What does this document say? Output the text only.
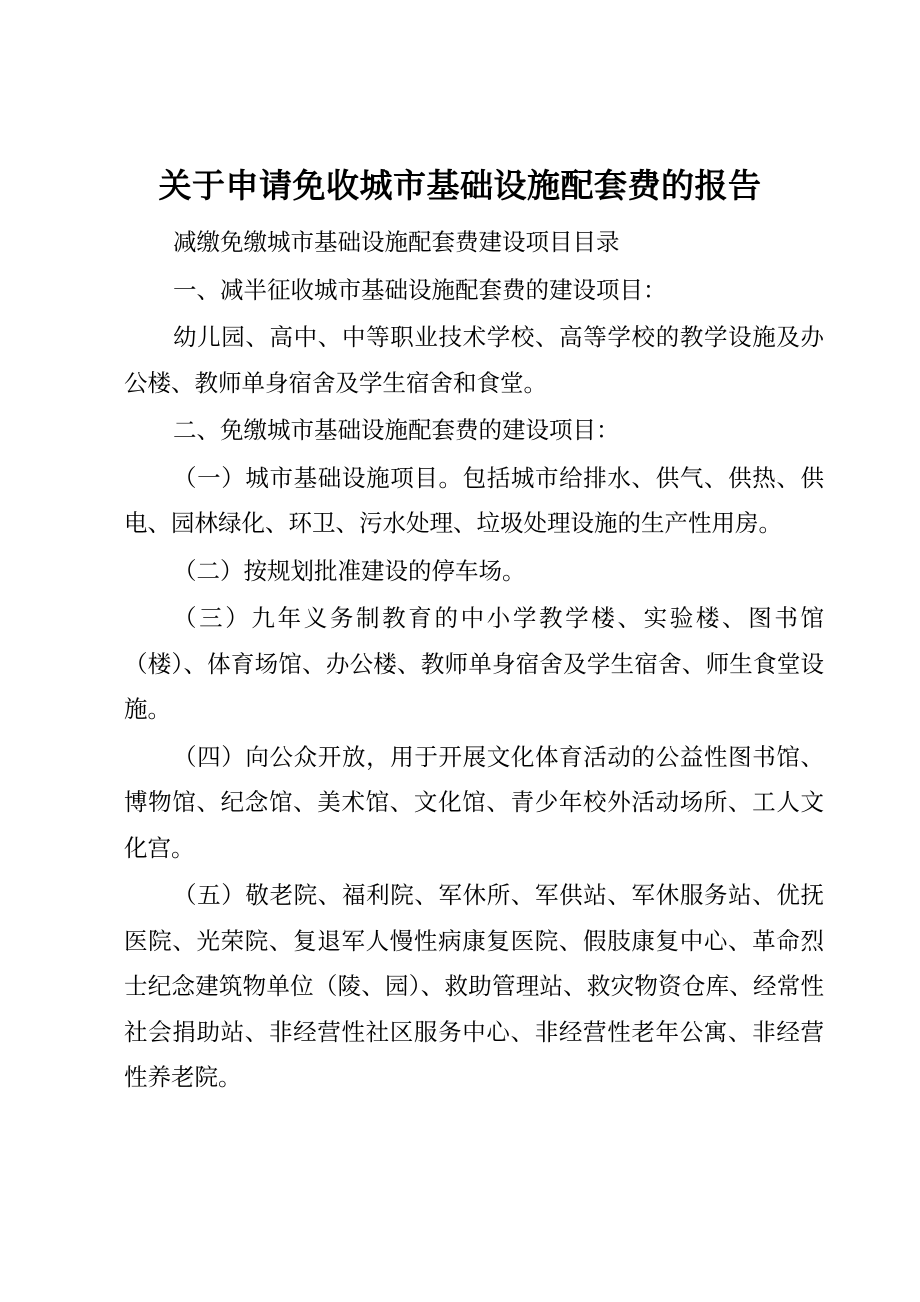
关于申请免收城市基础设施配套费的报告

减缴免缴城市基础设施配套费建设项目目录

一、减半征收城市基础设施配套费的建设项目：

幼儿园、高中、中等职业技术学校、高等学校的教学设施及办公楼、教师单身宿舍及学生宿舍和食堂。

二、免缴城市基础设施配套费的建设项目：

（一）城市基础设施项目。包括城市给排水、供气、供热、供电、园林绿化、环卫、污水处理、垃圾处理设施的生产性用房。

（二）按规划批准建设的停车场。

（三）九年义务制教育的中小学教学楼、实验楼、图书馆（楼）、体育场馆、办公楼、教师单身宿舍及学生宿舍、师生食堂设施。

（四）向公众开放，用于开展文化体育活动的公益性图书馆、博物馆、纪念馆、美术馆、文化馆、青少年校外活动场所、工人文化宫。

（五）敬老院、福利院、军休所、军供站、军休服务站、优抚医院、光荣院、复退军人慢性病康复医院、假肢康复中心、革命烈士纪念建筑物单位（陵、园）、救助管理站、救灾物资仓库、经常性社会捐助站、非经营性社区服务中心、非经营性老年公寓、非经营性养老院。
